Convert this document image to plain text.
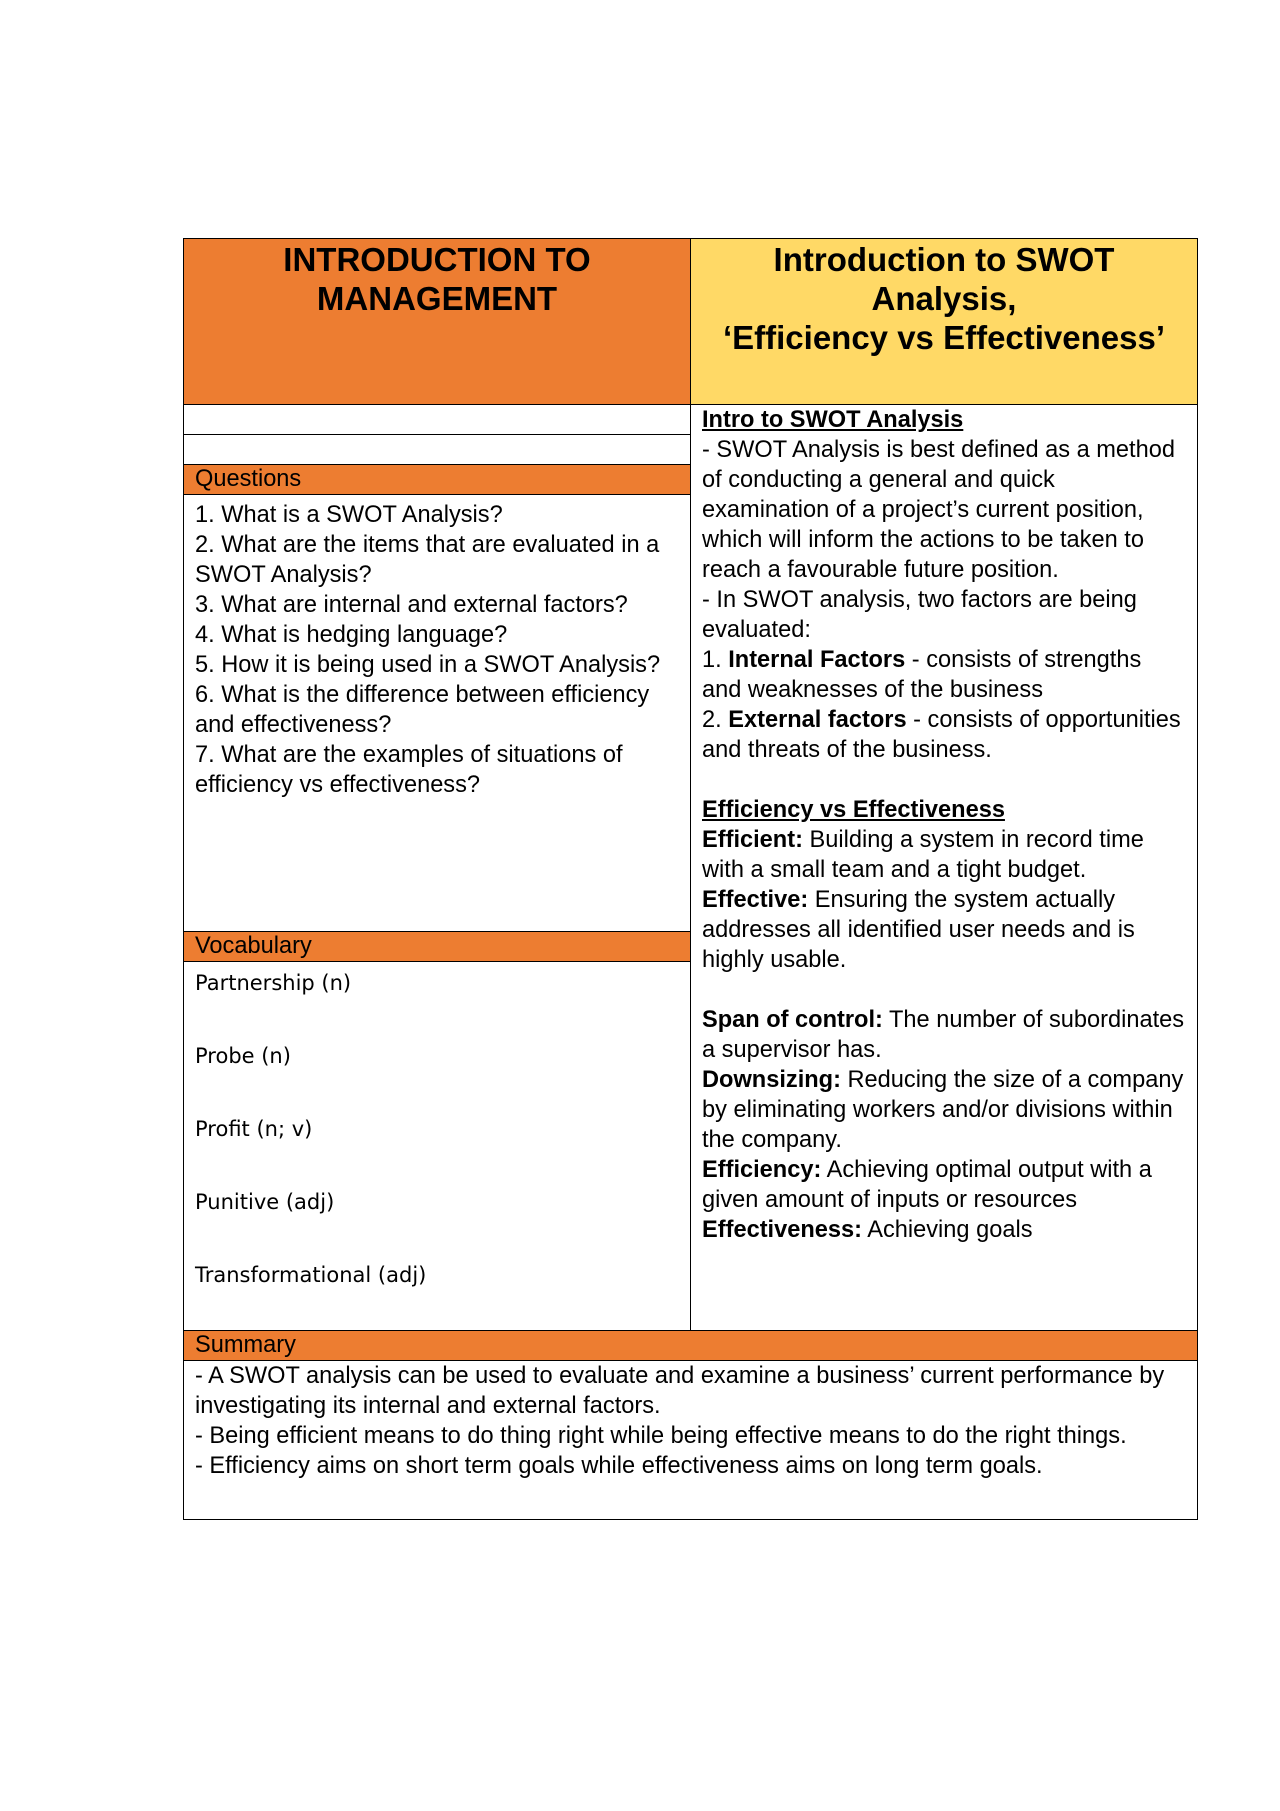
INTRODUCTION TO
MANAGEMENT
Introduction to SWOT
Analysis,
‘Efficiency vs Effectiveness’
Questions
1. What is a SWOT Analysis?
2. What are the items that are evaluated in a SWOT Analysis?
3. What are internal and external factors?
4. What is hedging language?
5. How it is being used in a SWOT Analysis?
6. What is the difference between efficiency and effectiveness?
7. What are the examples of situations of efficiency vs effectiveness?
Vocabulary
Partnership (n)
Probe (n)
Profit (n; v)
Punitive (adj)
Transformational (adj)
Intro to SWOT Analysis
- SWOT Analysis is best defined as a method of conducting a general and quick examination of a project’s current position, which will inform the actions to be taken to reach a favourable future position.
- In SWOT analysis, two factors are being evaluated:
1. Internal Factors - consists of strengths and weaknesses of the business
2. External factors - consists of opportunities and threats of the business.
Efficiency vs Effectiveness
Efficient: Building a system in record time with a small team and a tight budget.
Effective: Ensuring the system actually addresses all identified user needs and is highly usable.
Span of control: The number of subordinates a supervisor has.
Downsizing: Reducing the size of a company by eliminating workers and/or divisions within the company.
Efficiency: Achieving optimal output with a given amount of inputs or resources
Effectiveness: Achieving goals
Summary
- A SWOT analysis can be used to evaluate and examine a business’ current performance by investigating its internal and external factors.
- Being efficient means to do thing right while being effective means to do the right things.
- Efficiency aims on short term goals while effectiveness aims on long term goals.
